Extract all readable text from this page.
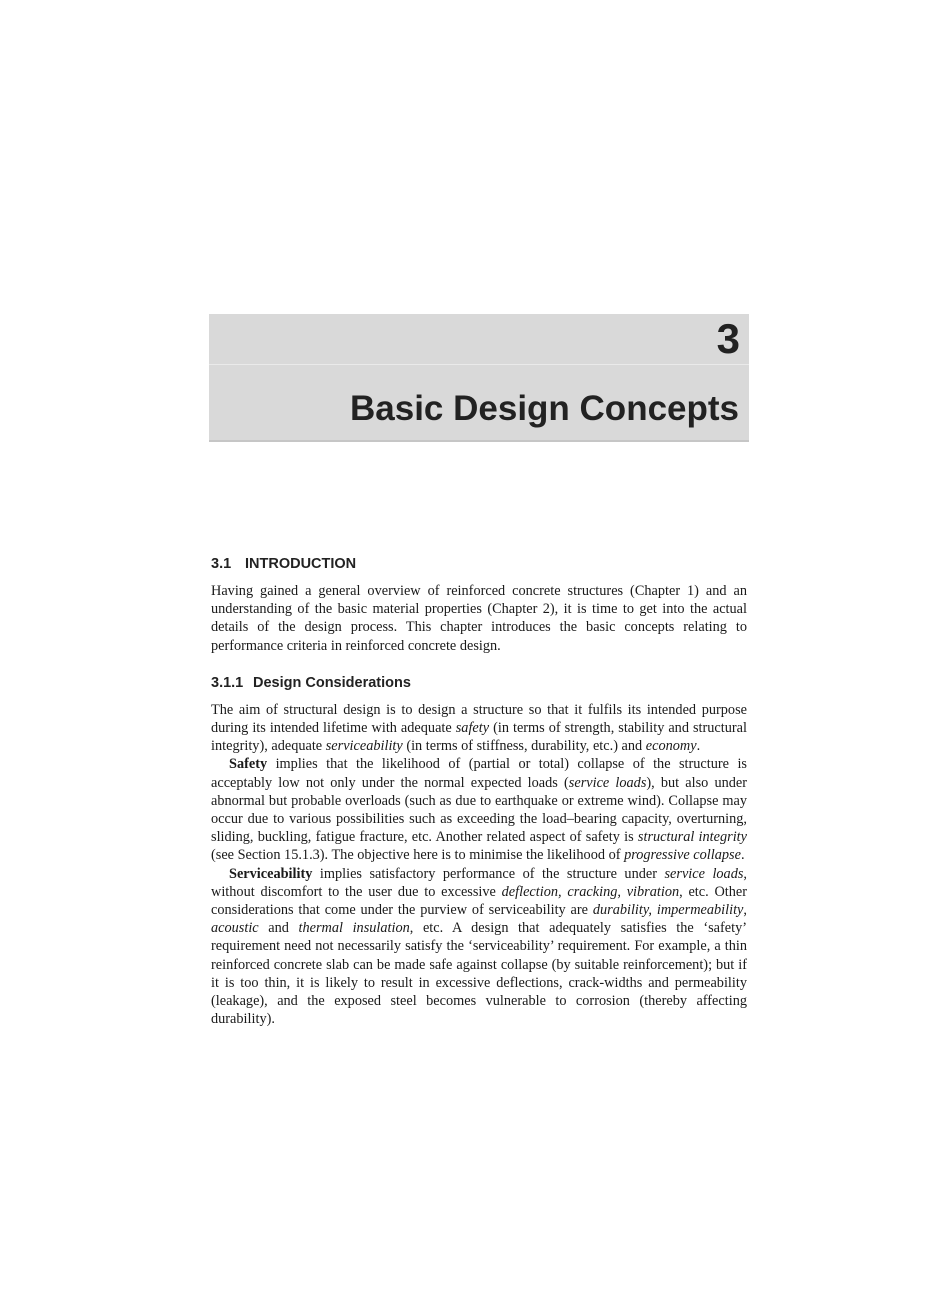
3
Basic Design Concepts
3.1 INTRODUCTION

Having gained a general overview of reinforced concrete structures (Chapter 1) and an understanding of the basic material properties (Chapter 2), it is time to get into the actual details of the design process. This chapter introduces the basic concepts relating to performance criteria in reinforced concrete design.

3.1.1 Design Considerations

The aim of structural design is to design a structure so that it fulfils its intended purpose during its intended lifetime with adequate safety (in terms of strength, stability and structural integrity), adequate serviceability (in terms of stiffness, durability, etc.) and economy.

Safety implies that the likelihood of (partial or total) collapse of the structure is acceptably low not only under the normal expected loads (service loads), but also under abnormal but probable overloads (such as due to earthquake or extreme wind). Collapse may occur due to various possibilities such as exceeding the load–bearing capacity, overturning, sliding, buckling, fatigue fracture, etc. Another related aspect of safety is structural integrity (see Section 15.1.3). The objective here is to minimise the likelihood of progressive collapse.

Serviceability implies satisfactory performance of the structure under service loads, without discomfort to the user due to excessive deflection, cracking, vibration, etc. Other considerations that come under the purview of serviceability are durability, impermeability, acoustic and thermal insulation, etc. A design that adequately satisfies the ‘safety’ requirement need not necessarily satisfy the ‘serviceability’ requirement. For example, a thin reinforced concrete slab can be made safe against collapse (by suitable reinforcement); but if it is too thin, it is likely to result in excessive deflections, crack-widths and permeability (leakage), and the exposed steel becomes vulnerable to corrosion (thereby affecting durability).
